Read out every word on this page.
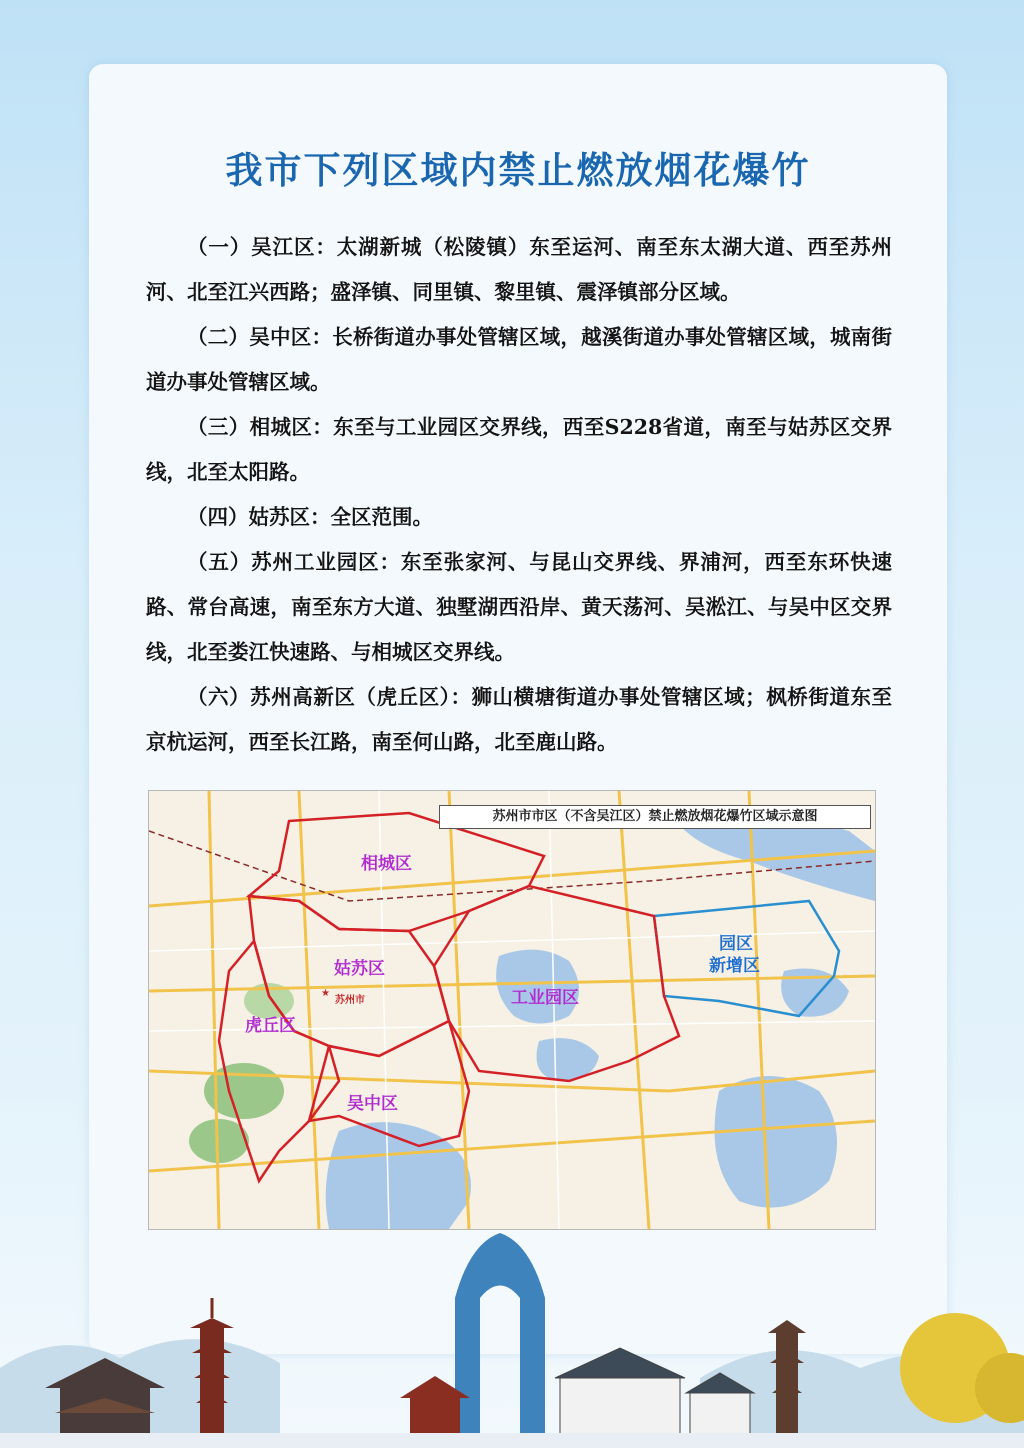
我市下列区域内禁止燃放烟花爆竹

（一）吴江区：太湖新城（松陵镇）东至运河、南至东太湖大道、西至苏州河、北至江兴西路；盛泽镇、同里镇、黎里镇、震泽镇部分区域。

（二）吴中区：长桥街道办事处管辖区域，越溪街道办事处管辖区域，城南街道办事处管辖区域。

（三）相城区：东至与工业园区交界线，西至S228省道，南至与姑苏区交界线，北至太阳路。

（四）姑苏区：全区范围。

（五）苏州工业园区：东至张家河、与昆山交界线、界浦河，西至东环快速路、常台高速，南至东方大道、独墅湖西沿岸、黄天荡河、吴淞江、与吴中区交界线，北至娄江快速路、与相城区交界线。

（六）苏州高新区（虎丘区）：狮山横塘街道办事处管辖区域；枫桥街道东至京杭运河，西至长江路，南至何山路，北至鹿山路。

苏州市市区（不含吴江区）禁止燃放烟花爆竹区域示意图
相城区
姑苏区
工业园区
虎丘区
吴中区
园区
新增区
★
苏州市
